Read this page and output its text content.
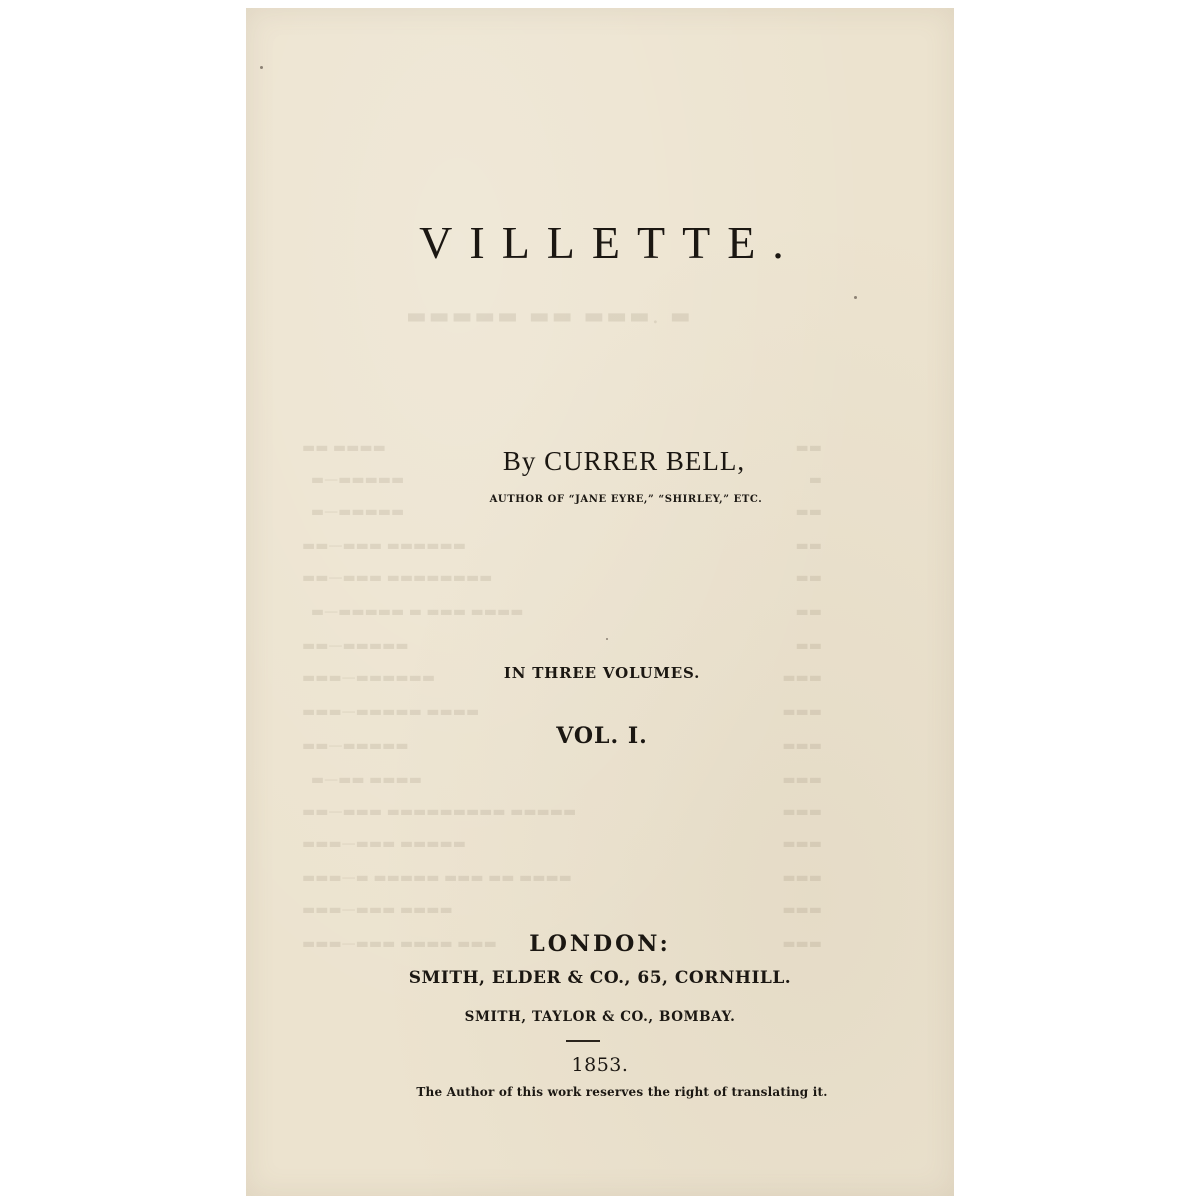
▬▬▬▬▬ ▬▬ ▬▬▬. ▬
▬▬ ▬▬▬▬	▬▬
▬—▬▬▬▬▬	▬
▬—▬▬▬▬▬	▬▬
▬▬—▬▬▬ ▬▬▬▬▬▬	▬▬
▬▬—▬▬▬ ▬▬▬▬▬▬▬▬	▬▬
▬—▬▬▬▬▬ ▬ ▬▬▬ ▬▬▬▬	▬▬
▬▬—▬▬▬▬▬	▬▬
▬▬▬—▬▬▬▬▬▬	▬▬▬
▬▬▬—▬▬▬▬▬ ▬▬▬▬	▬▬▬
▬▬—▬▬▬▬▬	▬▬▬
▬—▬▬ ▬▬▬▬	▬▬▬
▬▬—▬▬▬ ▬▬▬▬▬▬▬▬▬ ▬▬▬▬▬	▬▬▬
▬▬▬—▬▬▬ ▬▬▬▬▬	▬▬▬
▬▬▬—▬ ▬▬▬▬▬ ▬▬▬ ▬▬ ▬▬▬▬	▬▬▬
▬▬▬—▬▬▬ ▬▬▬▬	▬▬▬
▬▬▬—▬▬▬ ▬▬▬▬ ▬▬▬	▬▬▬
VILLETTE.
By CURRER BELL,
AUTHOR OF “JANE EYRE,” “SHIRLEY,” ETC.
IN THREE VOLUMES.
VOL. I.
LONDON:
SMITH, ELDER & CO., 65, CORNHILL.
SMITH, TAYLOR & CO., BOMBAY.
1853.
The Author of this work reserves the right of translating it.
